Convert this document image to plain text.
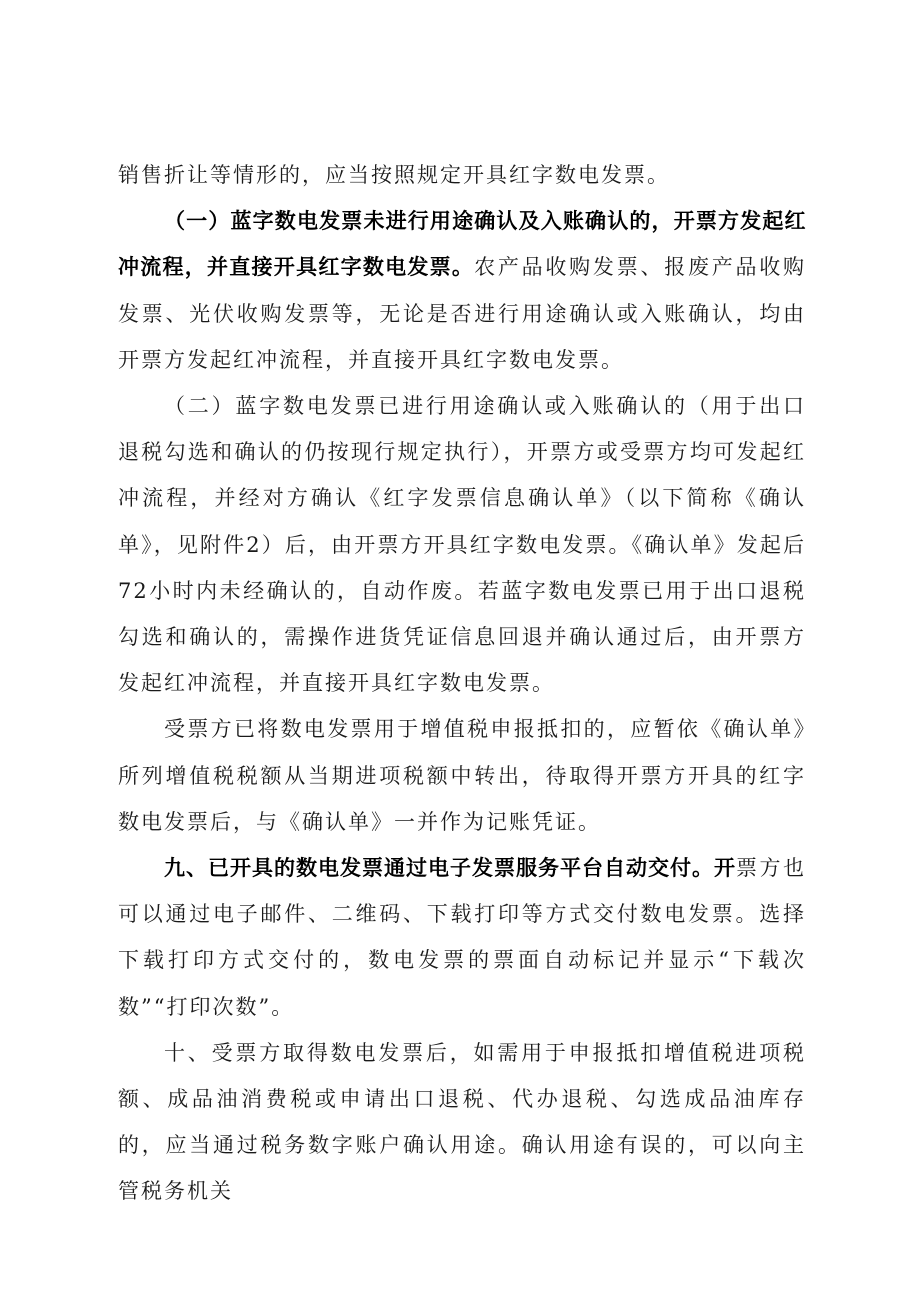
销售折让等情形的，应当按照规定开具红字数电发票。

（一）蓝字数电发票未进行用途确认及入账确认的，开票方发起红冲流程，并直接开具红字数电发票。农产品收购发票、报废产品收购发票、光伏收购发票等，无论是否进行用途确认或入账确认，均由开票方发起红冲流程，并直接开具红字数电发票。

（二）蓝字数电发票已进行用途确认或入账确认的（用于出口退税勾选和确认的仍按现行规定执行），开票方或受票方均可发起红冲流程，并经对方确认《红字发票信息确认单》（以下简称《确认单》，见附件2）后，由开票方开具红字数电发票。《确认单》发起后72小时内未经确认的，自动作废。若蓝字数电发票已用于出口退税勾选和确认的，需操作进货凭证信息回退并确认通过后，由开票方发起红冲流程，并直接开具红字数电发票。

受票方已将数电发票用于增值税申报抵扣的，应暂依《确认单》所列增值税税额从当期进项税额中转出，待取得开票方开具的红字数电发票后，与《确认单》一并作为记账凭证。

九、已开具的数电发票通过电子发票服务平台自动交付。开票方也可以通过电子邮件、二维码、下载打印等方式交付数电发票。选择下载打印方式交付的，数电发票的票面自动标记并显示“下载次数”“打印次数”。

十、受票方取得数电发票后，如需用于申报抵扣增值税进项税额、成品油消费税或申请出口退税、代办退税、勾选成品油库存的，应当通过税务数字账户确认用途。确认用途有误的，可以向主管税务机关
